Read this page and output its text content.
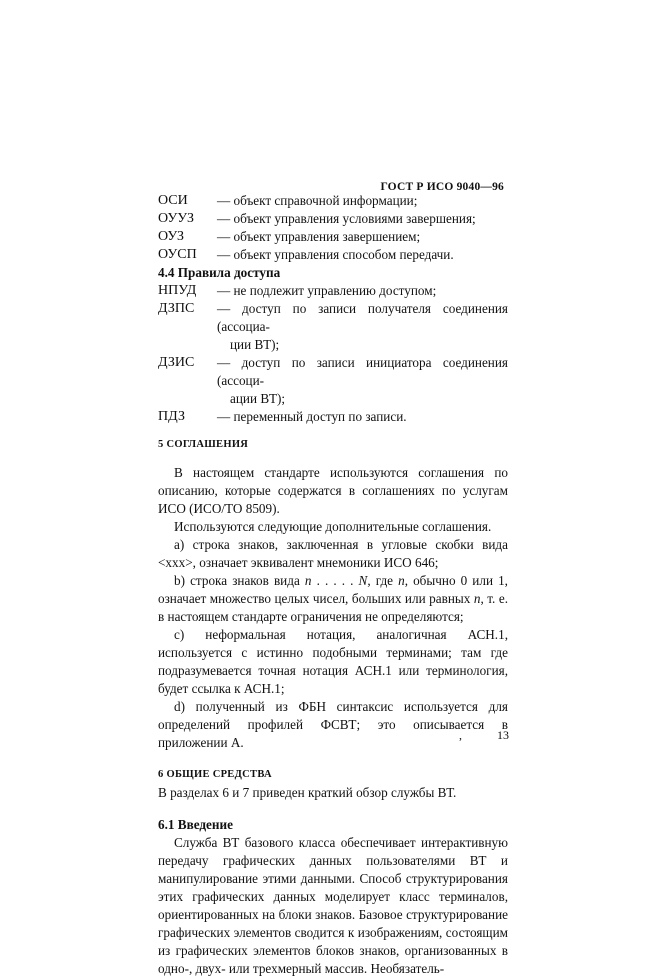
ГОСТ Р ИСО 9040—96
ОСИ	— объект справочной информации;
ОУУЗ	— объект управления условиями завершения;
ОУЗ	— объект управления завершением;
ОУСП	— объект управления способом передачи.

4.4 Правила доступа

НПУД	— не подлежит управлению доступом;
ДЗПС	— доступ по записи получателя соединения (ассоциа-
ции ВТ);
ДЗИС	— доступ по записи инициатора соединения (ассоци-
ации ВТ);
ПДЗ	— переменный доступ по записи.

5 СОГЛАШЕНИЯ

В настоящем стандарте используются соглашения по описанию, которые содержатся в соглашениях по услугам ИСО (ИСО/ТО 8509).

Используются следующие дополнительные соглашения.

а) строка знаков, заключенная в угловые скобки вида <xxx>, означает эквивалент мнемоники ИСО 646;

b) строка знаков вида n . . . . . N, где n, обычно 0 или 1, означает множество целых чисел, больших или равных n, т. е. в настоящем стандарте ограничения не определяются;

с) неформальная нотация, аналогичная АСН.1, используется с истинно подобными терминами; там где подразумевается точная нотация АСН.1 или терминология, будет ссылка к АСН.1;

d) полученный из ФБН синтаксис используется для определений профилей ФСВТ; это описывается в приложении А.

6 ОБЩИЕ СРЕДСТВА

В разделах 6 и 7 приведен краткий обзор службы ВТ.

6.1 Введение

Служба ВТ базового класса обеспечивает интерактивную передачу графических данных пользователями ВТ и манипулирование этими данными. Способ структурирования этих графических данных моделирует класс терминалов, ориентированных на блоки знаков. Базовое структурирование графических элементов сводится к изображениям, состоящим из графических элементов блоков знаков, организованных в одно-, двух- или трехмерный массив. Необязатель-

,	13
